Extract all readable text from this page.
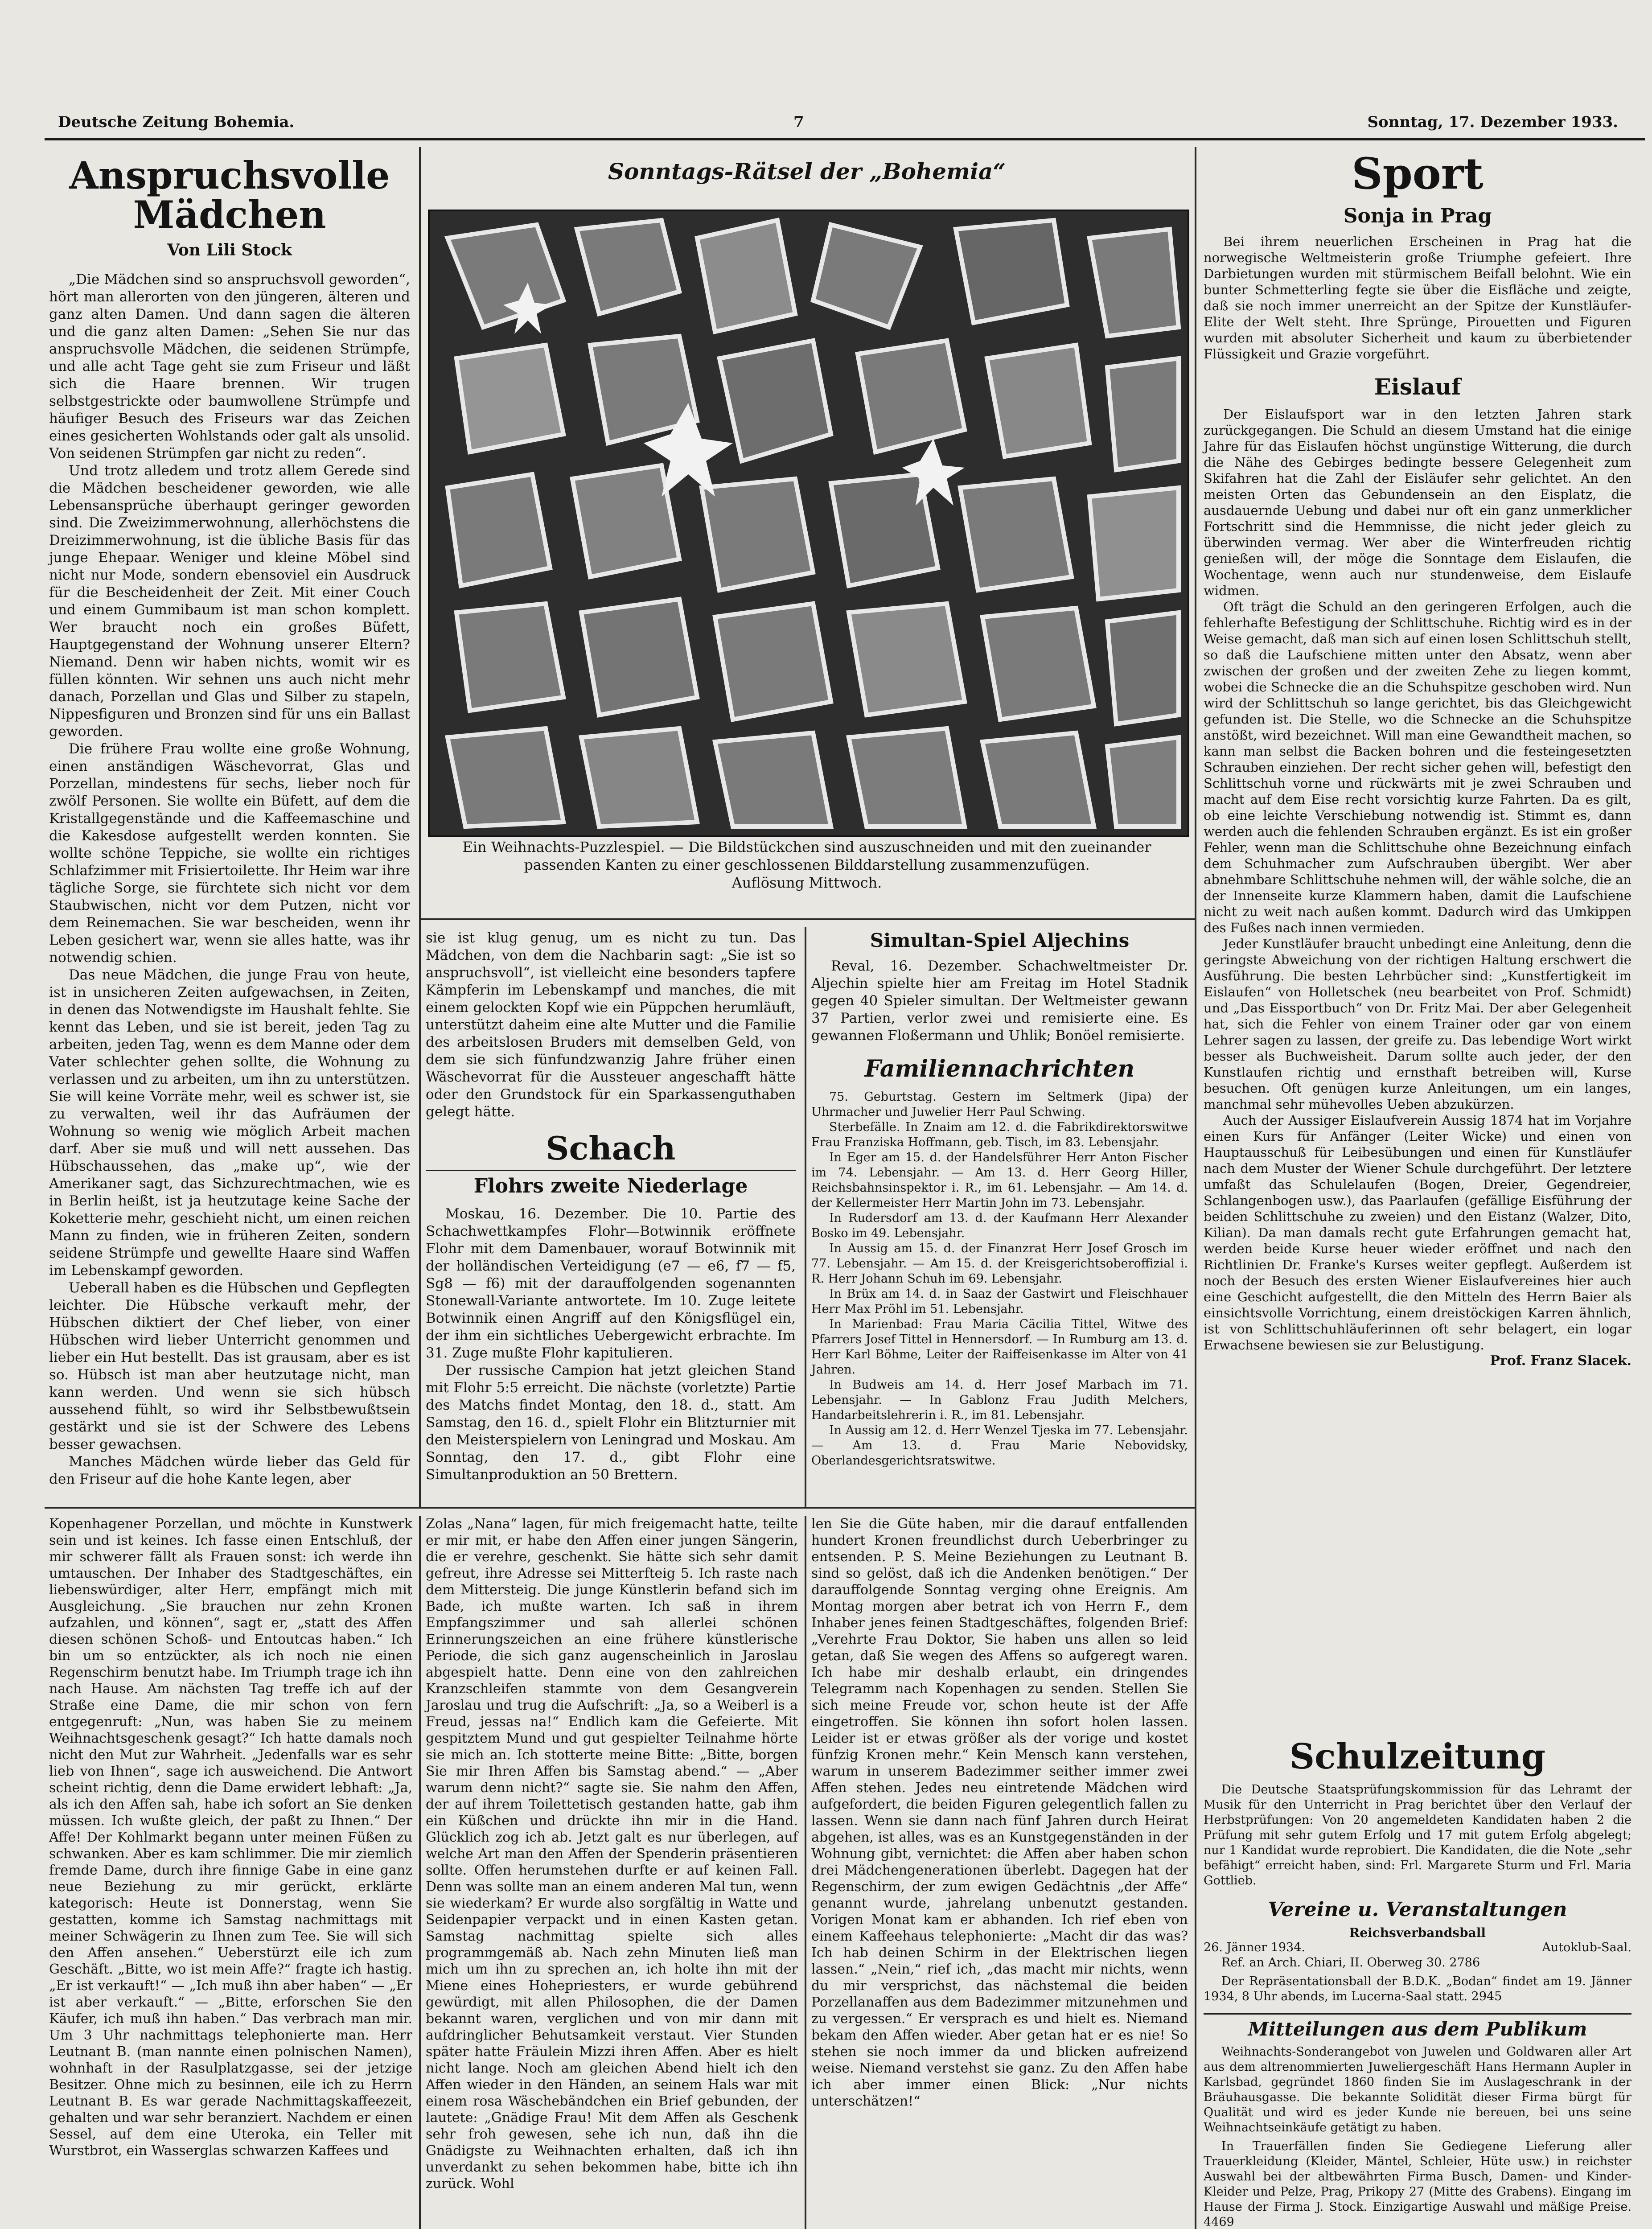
Deutsche Zeitung Bohemia.	7	Sonntag, 17. Dezember 1933.
Anspruchsvolle Mädchen
Von Lili Stock

„Die Mädchen sind so anspruchsvoll geworden“, hört man allerorten von den jüngeren, älteren und ganz alten Damen. Und dann sagen die älteren und die ganz alten Damen: „Sehen Sie nur das anspruchsvolle Mädchen, die seidenen Strümpfe, und alle acht Tage geht sie zum Friseur und läßt sich die Haare brennen. Wir trugen selbstgestrickte oder baumwollene Strümpfe und häufiger Besuch des Friseurs war das Zeichen eines gesicherten Wohlstands oder galt als unsolid. Von seidenen Strümpfen gar nicht zu reden“.

Und trotz alledem und trotz allem Gerede sind die Mädchen bescheidener geworden, wie alle Lebensansprüche überhaupt geringer geworden sind. Die Zweizimmerwohnung, allerhöchstens die Dreizimmerwohnung, ist die übliche Basis für das junge Ehepaar. Weniger und kleine Möbel sind nicht nur Mode, sondern ebensoviel ein Ausdruck für die Bescheidenheit der Zeit. Mit einer Couch und einem Gummibaum ist man schon komplett. Wer braucht noch ein großes Büfett, Hauptgegenstand der Wohnung unserer Eltern? Niemand. Denn wir haben nichts, womit wir es füllen könnten. Wir sehnen uns auch nicht mehr danach, Porzellan und Glas und Silber zu stapeln, Nippesfiguren und Bronzen sind für uns ein Ballast geworden.

Die frühere Frau wollte eine große Wohnung, einen anständigen Wäschevorrat, Glas und Porzellan, mindestens für sechs, lieber noch für zwölf Personen. Sie wollte ein Büfett, auf dem die Kristallgegenstände und die Kaffeemaschine und die Kakesdose aufgestellt werden konnten. Sie wollte schöne Teppiche, sie wollte ein richtiges Schlafzimmer mit Frisiertoilette. Ihr Heim war ihre tägliche Sorge, sie fürchtete sich nicht vor dem Staubwischen, nicht vor dem Putzen, nicht vor dem Reinemachen. Sie war bescheiden, wenn ihr Leben gesichert war, wenn sie alles hatte, was ihr notwendig schien.

Das neue Mädchen, die junge Frau von heute, ist in unsicheren Zeiten aufgewachsen, in Zeiten, in denen das Notwendigste im Haushalt fehlte. Sie kennt das Leben, und sie ist bereit, jeden Tag zu arbeiten, jeden Tag, wenn es dem Manne oder dem Vater schlechter gehen sollte, die Wohnung zu verlassen und zu arbeiten, um ihn zu unterstützen. Sie will keine Vorräte mehr, weil es schwer ist, sie zu verwalten, weil ihr das Aufräumen der Wohnung so wenig wie möglich Arbeit machen darf. Aber sie muß und will nett aussehen. Das Hübschaussehen, das „make up“, wie der Amerikaner sagt, das Sichzurechtmachen, wie es in Berlin heißt, ist ja heutzutage keine Sache der Koketterie mehr, geschieht nicht, um einen reichen Mann zu finden, wie in früheren Zeiten, sondern seidene Strümpfe und gewellte Haare sind Waffen im Lebenskampf geworden.

Ueberall haben es die Hübschen und Gepflegten leichter. Die Hübsche verkauft mehr, der Hübschen diktiert der Chef lieber, von einer Hübschen wird lieber Unterricht genommen und lieber ein Hut bestellt. Das ist grausam, aber es ist so. Hübsch ist man aber heutzutage nicht, man kann werden. Und wenn sie sich hübsch aussehend fühlt, so wird ihr Selbstbewußtsein gestärkt und sie ist der Schwere des Lebens besser gewachsen.

Manches Mädchen würde lieber das Geld für den Friseur auf die hohe Kante legen, aber

Sonntags-Rätsel der „Bohemia“
Ein Weihnachts-Puzzlespiel. — Die Bildstückchen sind auszuschneiden und mit den zueinander passenden Kanten zu einer geschlossenen Bilddarstellung zusammenzufügen.
Auflösung Mittwoch.

sie ist klug genug, um es nicht zu tun. Das Mädchen, von dem die Nachbarin sagt: „Sie ist so anspruchsvoll“, ist vielleicht eine besonders tapfere Kämpferin im Lebenskampf und manches, die mit einem gelockten Kopf wie ein Püppchen herumläuft, unterstützt daheim eine alte Mutter und die Familie des arbeitslosen Bruders mit demselben Geld, von dem sie sich fünfundzwanzig Jahre früher einen Wäschevorrat für die Aussteuer angeschafft hätte oder den Grundstock für ein Sparkassenguthaben gelegt hätte.

Schach
Flohrs zweite Niederlage

Moskau, 16. Dezember. Die 10. Partie des Schachwettkampfes Flohr—Botwinnik eröffnete Flohr mit dem Damenbauer, worauf Botwinnik mit der holländischen Verteidigung (e7 — e6, f7 — f5, Sg8 — f6) mit der darauffolgenden sogenannten Stonewall-Variante antwortete. Im 10. Zuge leitete Botwinnik einen Angriff auf den Königsflügel ein, der ihm ein sichtliches Uebergewicht erbrachte. Im 31. Zuge mußte Flohr kapitulieren.

Der russische Campion hat jetzt gleichen Stand mit Flohr 5:5 erreicht. Die nächste (vorletzte) Partie des Matchs findet Montag, den 18. d., statt. Am Samstag, den 16. d., spielt Flohr ein Blitzturnier mit den Meisterspielern von Leningrad und Moskau. Am Sonntag, den 17. d., gibt Flohr eine Simultanproduktion an 50 Brettern.

Simultan-Spiel Aljechins

Reval, 16. Dezember. Schachweltmeister Dr. Aljechin spielte hier am Freitag im Hotel Stadnik gegen 40 Spieler simultan. Der Weltmeister gewann 37 Partien, verlor zwei und remisierte eine. Es gewannen Floßermann und Uhlik; Bonöel remisierte.

Familiennachrichten

75. Geburtstag. Gestern im Seltmerk (Jipa) der Uhrmacher und Juwelier Herr Paul Schwing.

Sterbefälle. In Znaim am 12. d. die Fabrikdirektorswitwe Frau Franziska Hoffmann, geb. Tisch, im 83. Lebensjahr.

In Eger am 15. d. der Handelsführer Herr Anton Fischer im 74. Lebensjahr. — Am 13. d. Herr Georg Hiller, Reichsbahnsinspektor i. R., im 61. Lebensjahr. — Am 14. d. der Kellermeister Herr Martin John im 73. Lebensjahr.

In Rudersdorf am 13. d. der Kaufmann Herr Alexander Bosko im 49. Lebensjahr.

In Aussig am 15. d. der Finanzrat Herr Josef Grosch im 77. Lebensjahr. — Am 15. d. der Kreisgerichtsoberoffizial i. R. Herr Johann Schuh im 69. Lebensjahr.

In Brüx am 14. d. in Saaz der Gastwirt und Fleischhauer Herr Max Pröhl im 51. Lebensjahr.

In Marienbad: Frau Maria Cäcilia Tittel, Witwe des Pfarrers Josef Tittel in Hennersdorf. — In Rumburg am 13. d. Herr Karl Böhme, Leiter der Raiffeisenkasse im Alter von 41 Jahren.

In Budweis am 14. d. Herr Josef Marbach im 71. Lebensjahr. — In Gablonz Frau Judith Melchers, Handarbeitslehrerin i. R., im 81. Lebensjahr.

In Aussig am 12. d. Herr Wenzel Tjeska im 77. Lebensjahr. — Am 13. d. Frau Marie Nebovidsky, Oberlandesgerichtsratswitwe.

Kopenhagener Porzellan, und möchte in Kunstwerk sein und ist keines. Ich fasse einen Entschluß, der mir schwerer fällt als Frauen sonst: ich werde ihn umtauschen. Der Inhaber des Stadtgeschäftes, ein liebenswürdiger, alter Herr, empfängt mich mit Ausgleichung. „Sie brauchen nur zehn Kronen aufzahlen, und können“, sagt er, „statt des Affen diesen schönen Schoß- und Entoutcas haben.“ Ich bin um so entzückter, als ich noch nie einen Regenschirm benutzt habe. Im Triumph trage ich ihn nach Hause. Am nächsten Tag treffe ich auf der Straße eine Dame, die mir schon von fern entgegenruft: „Nun, was haben Sie zu meinem Weihnachtsgeschenk gesagt?“ Ich hatte damals noch nicht den Mut zur Wahrheit. „Jedenfalls war es sehr lieb von Ihnen“, sage ich ausweichend. Die Antwort scheint richtig, denn die Dame erwidert lebhaft: „Ja, als ich den Affen sah, habe ich sofort an Sie denken müssen. Ich wußte gleich, der paßt zu Ihnen.“ Der Affe! Der Kohlmarkt begann unter meinen Füßen zu schwanken. Aber es kam schlimmer. Die mir ziemlich fremde Dame, durch ihre finnige Gabe in eine ganz neue Beziehung zu mir gerückt, erklärte kategorisch: Heute ist Donnerstag, wenn Sie gestatten, komme ich Samstag nachmittags mit meiner Schwägerin zu Ihnen zum Tee. Sie will sich den Affen ansehen.“ Ueberstürzt eile ich zum Geschäft. „Bitte, wo ist mein Affe?“ fragte ich hastig. „Er ist verkauft!“ — „Ich muß ihn aber haben“ — „Er ist aber verkauft.“ — „Bitte, erforschen Sie den Käufer, ich muß ihn haben.“ Das verbrach man mir. Um 3 Uhr nachmittags telephonierte man. Herr Leutnant B. (man nannte einen polnischen Namen), wohnhaft in der Rasulplatzgasse, sei der jetzige Besitzer. Ohne mich zu besinnen, eile ich zu Herrn Leutnant B. Es war gerade Nachmittagskaffeezeit, gehalten und war sehr beranziert. Nachdem er einen Sessel, auf dem eine Uteroka, ein Teller mit Wurstbrot, ein Wasserglas schwarzen Kaffees und
Zolas „Nana“ lagen, für mich freigemacht hatte, teilte er mir mit, er habe den Affen einer jungen Sängerin, die er verehre, geschenkt. Sie hätte sich sehr damit gefreut, ihre Adresse sei Mitterfteig 5. Ich raste nach dem Mittersteig. Die junge Künstlerin befand sich im Bade, ich mußte warten. Ich saß in ihrem Empfangszimmer und sah allerlei schönen Erinnerungszeichen an eine frühere künstlerische Periode, die sich ganz augenscheinlich in Jaroslau abgespielt hatte. Denn eine von den zahlreichen Kranzschleifen stammte von dem Gesangverein Jaroslau und trug die Aufschrift: „Ja, so a Weiberl is a Freud, jessas na!“ Endlich kam die Gefeierte. Mit gespitztem Mund und gut gespielter Teilnahme hörte sie mich an. Ich stotterte meine Bitte: „Bitte, borgen Sie mir Ihren Affen bis Samstag abend.“ — „Aber warum denn nicht?“ sagte sie. Sie nahm den Affen, der auf ihrem Toilettetisch gestanden hatte, gab ihm ein Küßchen und drückte ihn mir in die Hand. Glücklich zog ich ab. Jetzt galt es nur überlegen, auf welche Art man den Affen der Spenderin präsentieren sollte. Offen herumstehen durfte er auf keinen Fall. Denn was sollte man an einem anderen Mal tun, wenn sie wiederkam? Er wurde also sorgfältig in Watte und Seidenpapier verpackt und in einen Kasten getan. Samstag nachmittag spielte sich alles programmgemäß ab. Nach zehn Minuten ließ man mich um ihn zu sprechen an, ich holte ihn mit der Miene eines Hohepriesters, er wurde gebührend gewürdigt, mit allen Philosophen, die der Damen bekannt waren, verglichen und von mir dann mit aufdringlicher Behutsamkeit verstaut. Vier Stunden später hatte Fräulein Mizzi ihren Affen. Aber es hielt nicht lange. Noch am gleichen Abend hielt ich den Affen wieder in den Händen, an seinem Hals war mit einem rosa Wäschebändchen ein Brief gebunden, der lautete: „Gnädige Frau! Mit dem Affen als Geschenk sehr froh gewesen, sehe ich nun, daß ihn die Gnädigste zu Weihnachten erhalten, daß ich ihn unverdankt zu sehen bekommen habe, bitte ich ihn zurück. Wohl
len Sie die Güte haben, mir die darauf entfallenden hundert Kronen freundlichst durch Ueberbringer zu entsenden. P. S. Meine Beziehungen zu Leutnant B. sind so gelöst, daß ich die Andenken benötigen.“ Der darauffolgende Sonntag verging ohne Ereignis. Am Montag morgen aber betrat ich von Herrn F., dem Inhaber jenes feinen Stadtgeschäftes, folgenden Brief: „Verehrte Frau Doktor, Sie haben uns allen so leid getan, daß Sie wegen des Affens so aufgeregt waren. Ich habe mir deshalb erlaubt, ein dringendes Telegramm nach Kopenhagen zu senden. Stellen Sie sich meine Freude vor, schon heute ist der Affe eingetroffen. Sie können ihn sofort holen lassen. Leider ist er etwas größer als der vorige und kostet fünfzig Kronen mehr.“ Kein Mensch kann verstehen, warum in unserem Badezimmer seither immer zwei Affen stehen. Jedes neu eintretende Mädchen wird aufgefordert, die beiden Figuren gelegentlich fallen zu lassen. Wenn sie dann nach fünf Jahren durch Heirat abgehen, ist alles, was es an Kunstgegenständen in der Wohnung gibt, vernichtet: die Affen aber haben schon drei Mädchengenerationen überlebt. Dagegen hat der Regenschirm, der zum ewigen Gedächtnis „der Affe“ genannt wurde, jahrelang unbenutzt gestanden. Vorigen Monat kam er abhanden. Ich rief eben von einem Kaffeehaus telephonierte: „Macht dir das was? Ich hab deinen Schirm in der Elektrischen liegen lassen.“ „Nein,“ rief ich, „das macht mir nichts, wenn du mir versprichst, das nächstemal die beiden Porzellanaffen aus dem Badezimmer mitzunehmen und zu vergessen.“ Er versprach es und hielt es. Niemand bekam den Affen wieder. Aber getan hat er es nie! So stehen sie noch immer da und blicken aufreizend weise. Niemand verstehst sie ganz. Zu den Affen habe ich aber immer einen Blick: „Nur nichts unterschätzen!“
Sport
Sonja in Prag

Bei ihrem neuerlichen Erscheinen in Prag hat die norwegische Weltmeisterin große Triumphe gefeiert. Ihre Darbietungen wurden mit stürmischem Beifall belohnt. Wie ein bunter Schmetterling fegte sie über die Eisfläche und zeigte, daß sie noch immer unerreicht an der Spitze der Kunstläufer-Elite der Welt steht. Ihre Sprünge, Pirouetten und Figuren wurden mit absoluter Sicherheit und kaum zu überbietender Flüssigkeit und Grazie vorgeführt.

Eislauf

Der Eislaufsport war in den letzten Jahren stark zurückgegangen. Die Schuld an diesem Umstand hat die einige Jahre für das Eislaufen höchst ungünstige Witterung, die durch die Nähe des Gebirges bedingte bessere Gelegenheit zum Skifahren hat die Zahl der Eisläufer sehr gelichtet. An den meisten Orten das Gebundensein an den Eisplatz, die ausdauernde Uebung und dabei nur oft ein ganz unmerklicher Fortschritt sind die Hemmnisse, die nicht jeder gleich zu überwinden vermag. Wer aber die Winterfreuden richtig genießen will, der möge die Sonntage dem Eislaufen, die Wochentage, wenn auch nur stundenweise, dem Eislaufe widmen.

Oft trägt die Schuld an den geringeren Erfolgen, auch die fehlerhafte Befestigung der Schlittschuhe. Richtig wird es in der Weise gemacht, daß man sich auf einen losen Schlittschuh stellt, so daß die Laufschiene mitten unter den Absatz, wenn aber zwischen der großen und der zweiten Zehe zu liegen kommt, wobei die Schnecke die an die Schuhspitze geschoben wird. Nun wird der Schlittschuh so lange gerichtet, bis das Gleichgewicht gefunden ist. Die Stelle, wo die Schnecke an die Schuhspitze anstößt, wird bezeichnet. Will man eine Gewandtheit machen, so kann man selbst die Backen bohren und die festeingesetzten Schrauben einziehen. Der recht sicher gehen will, befestigt den Schlittschuh vorne und rückwärts mit je zwei Schrauben und macht auf dem Eise recht vorsichtig kurze Fahrten. Da es gilt, ob eine leichte Verschiebung notwendig ist. Stimmt es, dann werden auch die fehlenden Schrauben ergänzt. Es ist ein großer Fehler, wenn man die Schlittschuhe ohne Bezeichnung einfach dem Schuhmacher zum Aufschrauben übergibt. Wer aber abnehmbare Schlittschuhe nehmen will, der wähle solche, die an der Innenseite kurze Klammern haben, damit die Laufschiene nicht zu weit nach außen kommt. Dadurch wird das Umkippen des Fußes nach innen vermieden.

Jeder Kunstläufer braucht unbedingt eine Anleitung, denn die geringste Abweichung von der richtigen Haltung erschwert die Ausführung. Die besten Lehrbücher sind: „Kunstfertigkeit im Eislaufen“ von Holletschek (neu bearbeitet von Prof. Schmidt) und „Das Eissportbuch“ von Dr. Fritz Mai. Der aber Gelegenheit hat, sich die Fehler von einem Trainer oder gar von einem Lehrer sagen zu lassen, der greife zu. Das lebendige Wort wirkt besser als Buchweisheit. Darum sollte auch jeder, der den Kunstlaufen richtig und ernsthaft betreiben will, Kurse besuchen. Oft genügen kurze Anleitungen, um ein langes, manchmal sehr mühevolles Ueben abzukürzen.

Auch der Aussiger Eislaufverein Aussig 1874 hat im Vorjahre einen Kurs für Anfänger (Leiter Wicke) und einen von Hauptausschuß für Leibesübungen und einen für Kunstläufer nach dem Muster der Wiener Schule durchgeführt. Der letztere umfaßt das Schulelaufen (Bogen, Dreier, Gegendreier, Schlangenbogen usw.), das Paarlaufen (gefällige Eisführung der beiden Schlittschuhe zu zweien) und den Eistanz (Walzer, Dito, Kilian). Da man damals recht gute Erfahrungen gemacht hat, werden beide Kurse heuer wieder eröffnet und nach den Richtlinien Dr. Franke's Kurses weiter gepflegt. Außerdem ist noch der Besuch des ersten Wiener Eislaufvereines hier auch eine Geschicht aufgestellt, die den Mitteln des Herrn Baier als einsichtsvolle Vorrichtung, einem dreistöckigen Karren ähnlich, ist von Schlittschuhläuferinnen oft sehr belagert, ein logar Erwachsene bewiesen sie zur Belustigung.

Prof. Franz Slacek.
Schulzeitung
Die Deutsche Staatsprüfungskommission für das Lehramt der Musik für den Unterricht in Prag berichtet über den Verlauf der Herbstprüfungen: Von 20 angemeldeten Kandidaten haben 2 die Prüfung mit sehr gutem Erfolg und 17 mit gutem Erfolg abgelegt; nur 1 Kandidat wurde reprobiert. Die Kandidaten, die die Note „sehr befähigt“ erreicht haben, sind: Frl. Margarete Sturm und Frl. Maria Gottlieb.
Vereine u. Veranstaltungen
Reichsverbandsball
26. Jänner 1934.	Autoklub-Saal.
Ref. an Arch. Chiari, II. Oberweg 30. 2786
Der Repräsentationsball der B.D.K. „Bodan“ findet am 19. Jänner 1934, 8 Uhr abends, im Lucerna-Saal statt. 2945
Mitteilungen aus dem Publikum
Weihnachts-Sonderangebot von Juwelen und Goldwaren aller Art aus dem altrenommierten Juweliergeschäft Hans Hermann Aupler in Karlsbad, gegründet 1860 finden Sie im Auslageschrank in der Bräuhausgasse. Die bekannte Solidität dieser Firma bürgt für Qualität und wird es jeder Kunde nie bereuen, bei uns seine Weihnachtseinkäufe getätigt zu haben.
In Trauerfällen finden Sie Gediegene Lieferung aller Trauerkleidung (Kleider, Mäntel, Schleier, Hüte usw.) in reichster Auswahl bei der altbewährten Firma Busch, Damen- und Kinder-Kleider und Pelze, Prag, Prikopy 27 (Mitte des Grabens). Eingang im Hause der Firma J. Stock. Einzigartige Auswahl und mäßige Preise. 4469
